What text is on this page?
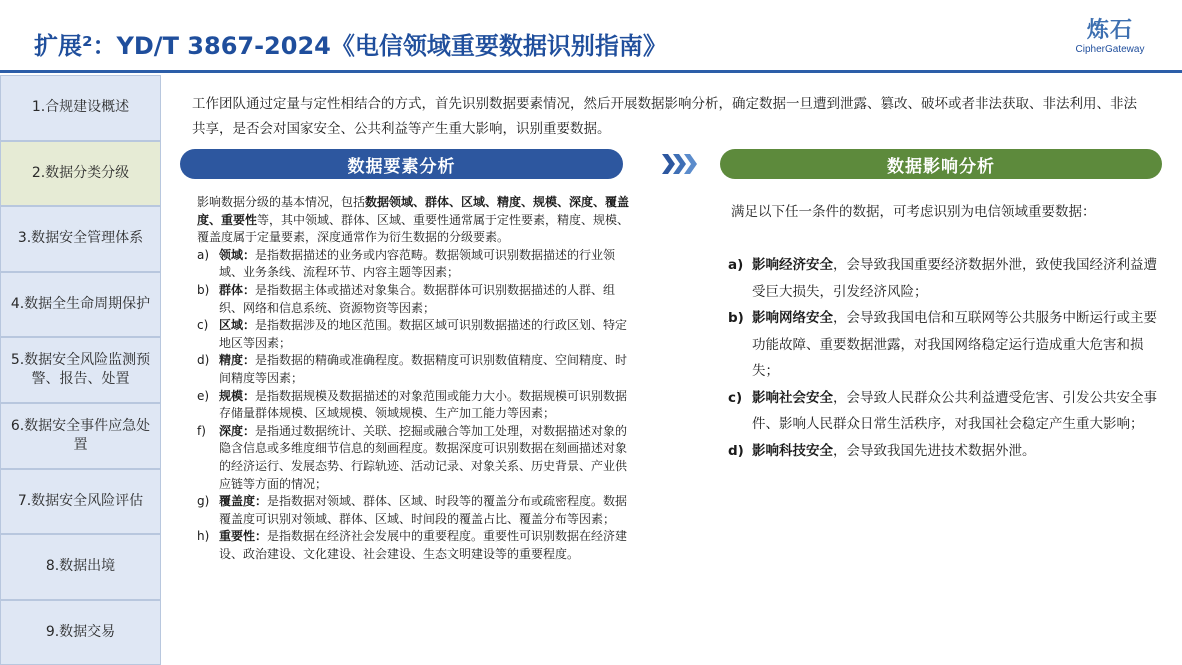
扩展²：YD/T 3867-2024《电信领域重要数据识别指南》
炼石
CipherGateway
1.合规建设概述
2.数据分类分级
3.数据安全管理体系
4.数据全生命周期保护
5.数据安全风险监测预警、报告、处置
6.数据安全事件应急处置
7.数据安全风险评估
8.数据出境
9.数据交易
工作团队通过定量与定性相结合的方式，首先识别数据要素情况，然后开展数据影响分析，确定数据一旦遭到泄露、篡改、破坏或者非法获取、非法利用、非法共享，是否会对国家安全、公共利益等产生重大影响，识别重要数据。
数据要素分析	数据影响分析

影响数据分级的基本情况，包括数据领域、群体、区域、精度、规模、深度、覆盖度、重要性等，其中领域、群体、区域、重要性通常属于定性要素，精度、规模、覆盖度属于定量要素，深度通常作为衍生数据的分级要素。

a) 领域：是指数据描述的业务或内容范畴。数据领域可识别数据描述的行业领域、业务条线、流程环节、内容主题等因素；
b) 群体：是指数据主体或描述对象集合。数据群体可识别数据描述的人群、组织、网络和信息系统、资源物资等因素；
c) 区域：是指数据涉及的地区范围。数据区域可识别数据描述的行政区划、特定地区等因素；
d) 精度：是指数据的精确或准确程度。数据精度可识别数值精度、空间精度、时间精度等因素；
e) 规模：是指数据规模及数据描述的对象范围或能力大小。数据规模可识别数据存储量群体规模、区域规模、领域规模、生产加工能力等因素；
f)	深度：是指通过数据统计、关联、挖掘或融合等加工处理，对数据描述对象的隐含信息或多维度细节信息的刻画程度。数据深度可识别数据在刻画描述对象的经济运行、发展态势、行踪轨迹、活动记录、对象关系、历史背景、产业供应链等方面的情况；
g) 覆盖度：是指数据对领域、群体、区域、时段等的覆盖分布或疏密程度。数据覆盖度可识别对领域、群体、区域、时间段的覆盖占比、覆盖分布等因素；
h) 重要性：是指数据在经济社会发展中的重要程度。重要性可识别数据在经济建设、政治建设、文化建设、社会建设、生态文明建设等的重要程度。
满足以下任一条件的数据，可考虑识别为电信领域重要数据：
a) 影响经济安全，会导致我国重要经济数据外泄，致使我国经济利益遭受巨大损失，引发经济风险；
b) 影响网络安全，会导致我国电信和互联网等公共服务中断运行或主要功能故障、重要数据泄露，对我国网络稳定运行造成重大危害和损失；
c) 影响社会安全，会导致人民群众公共利益遭受危害、引发公共安全事件、影响人民群众日常生活秩序，对我国社会稳定产生重大影响；
d) 影响科技安全，会导致我国先进技术数据外泄。
